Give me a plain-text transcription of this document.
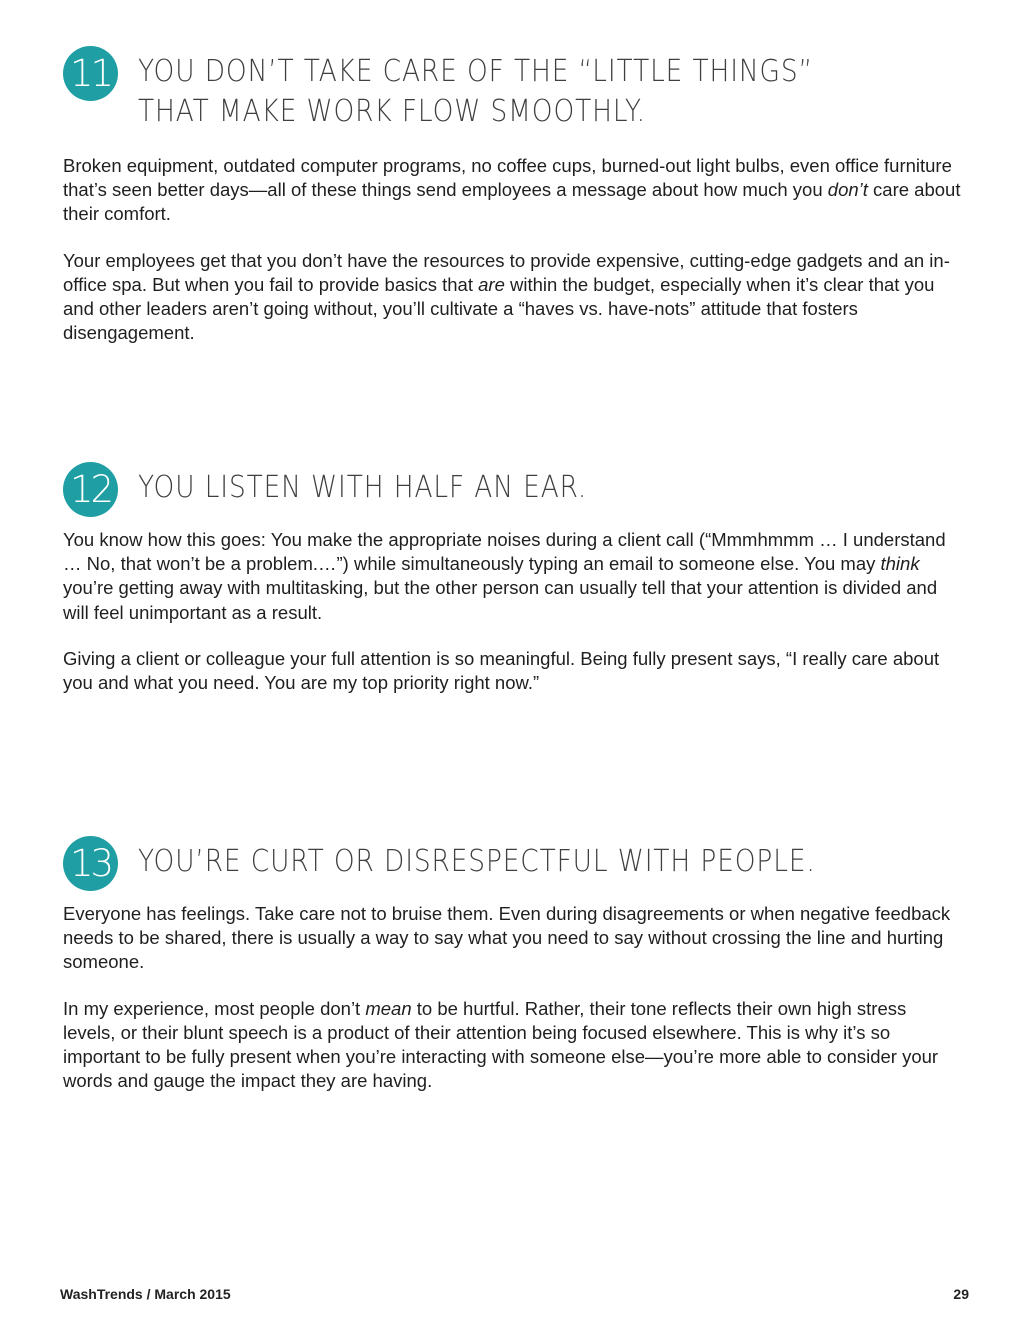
11 YOU DON’T TAKE CARE OF THE “LITTLE THINGS”
THAT MAKE WORK FLOW SMOOTHLY.

Broken equipment, outdated computer programs, no coffee cups, burned-out light bulbs, even office furniture that’s seen better days—all of these things send employees a message about how much you don’t care about their comfort.

Your employees get that you don’t have the resources to provide expensive, cutting-edge gadgets and an in-office spa. But when you fail to provide basics that are within the budget, especially when it’s clear that you and other leaders aren’t going without, you’ll cultivate a “haves vs. have-nots” attitude that fosters disengagement.

12 YOU LISTEN WITH HALF AN EAR.

You know how this goes: You make the appropriate noises during a client call (“Mmmhmmm … I understand … No, that won’t be a problem.…”) while simultaneously typing an email to someone else. You may think you’re getting away with multitasking, but the other person can usually tell that your attention is divided and will feel unimportant as a result.

Giving a client or colleague your full attention is so meaningful. Being fully present says, “I really care about you and what you need. You are my top priority right now.”

13 YOU’RE CURT OR DISRESPECTFUL WITH PEOPLE.

Everyone has feelings. Take care not to bruise them. Even during disagreements or when negative feedback needs to be shared, there is usually a way to say what you need to say without crossing the line and hurting someone.

In my experience, most people don’t mean to be hurtful. Rather, their tone reflects their own high stress levels, or their blunt speech is a product of their attention being focused elsewhere. This is why it’s so important to be fully present when you’re interacting with someone else—you’re more able to consider your words and gauge the impact they are having.

WashTrends / March 2015	29
